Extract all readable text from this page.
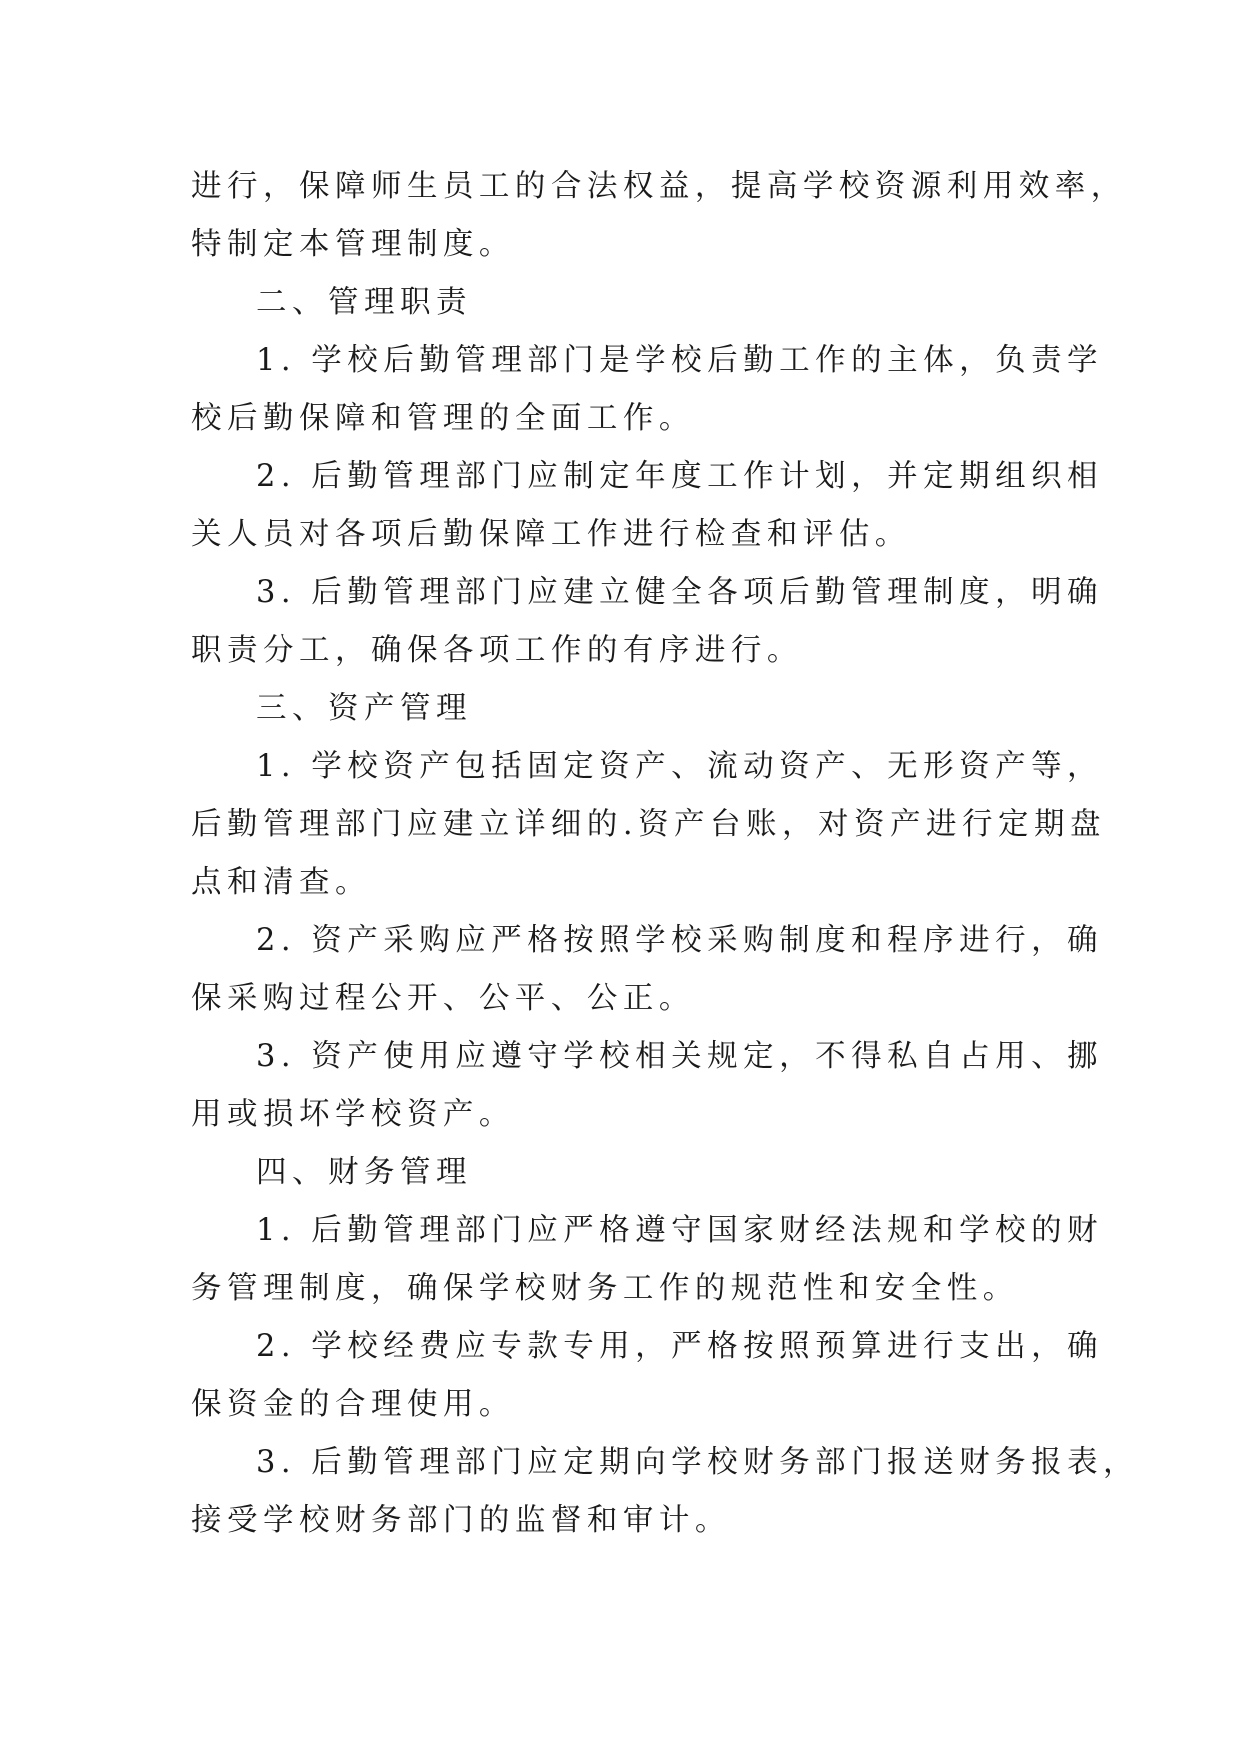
进行，保障师生员工的合法权益，提高学校资源利用效率，
特制定本管理制度。
二、管理职责
1. 学校后勤管理部门是学校后勤工作的主体，负责学
校后勤保障和管理的全面工作。
2. 后勤管理部门应制定年度工作计划，并定期组织相
关人员对各项后勤保障工作进行检查和评估。
3. 后勤管理部门应建立健全各项后勤管理制度，明确
职责分工，确保各项工作的有序进行。
三、资产管理
1. 学校资产包括固定资产、流动资产、无形资产等，
后勤管理部门应建立详细的.资产台账，对资产进行定期盘
点和清查。
2. 资产采购应严格按照学校采购制度和程序进行，确
保采购过程公开、公平、公正。
3. 资产使用应遵守学校相关规定，不得私自占用、挪
用或损坏学校资产。
四、财务管理
1. 后勤管理部门应严格遵守国家财经法规和学校的财
务管理制度，确保学校财务工作的规范性和安全性。
2. 学校经费应专款专用，严格按照预算进行支出，确
保资金的合理使用。
3. 后勤管理部门应定期向学校财务部门报送财务报表，
接受学校财务部门的监督和审计。
